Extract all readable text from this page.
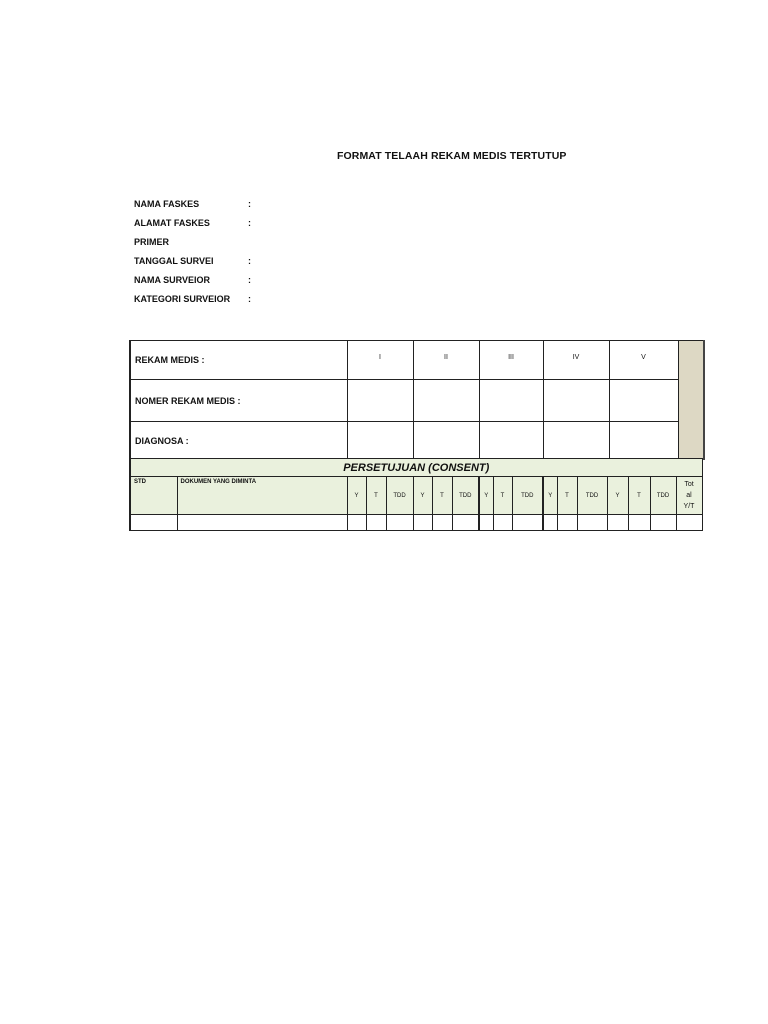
FORMAT TELAAH REKAM MEDIS TERTUTUP
NAMA FASKES	:
ALAMAT FASKES	:
PRIMER
TANGGAL SURVEI	:
NAMA SURVEIOR	:
KATEGORI SURVEIOR :
REKAM MEDIS :	I	II	III	IV	V	
NOMER REKAM MEDIS :						
DIAGNOSA :						
PERSETUJUAN (CONSENT)																	
STD	DOKUMEN YANG DIMINTA	Y	T	TDD	Y	T	TDD	Y	T	TDD	Y	T	TDD	Y	T	TDD	Tot
al
Y/T
